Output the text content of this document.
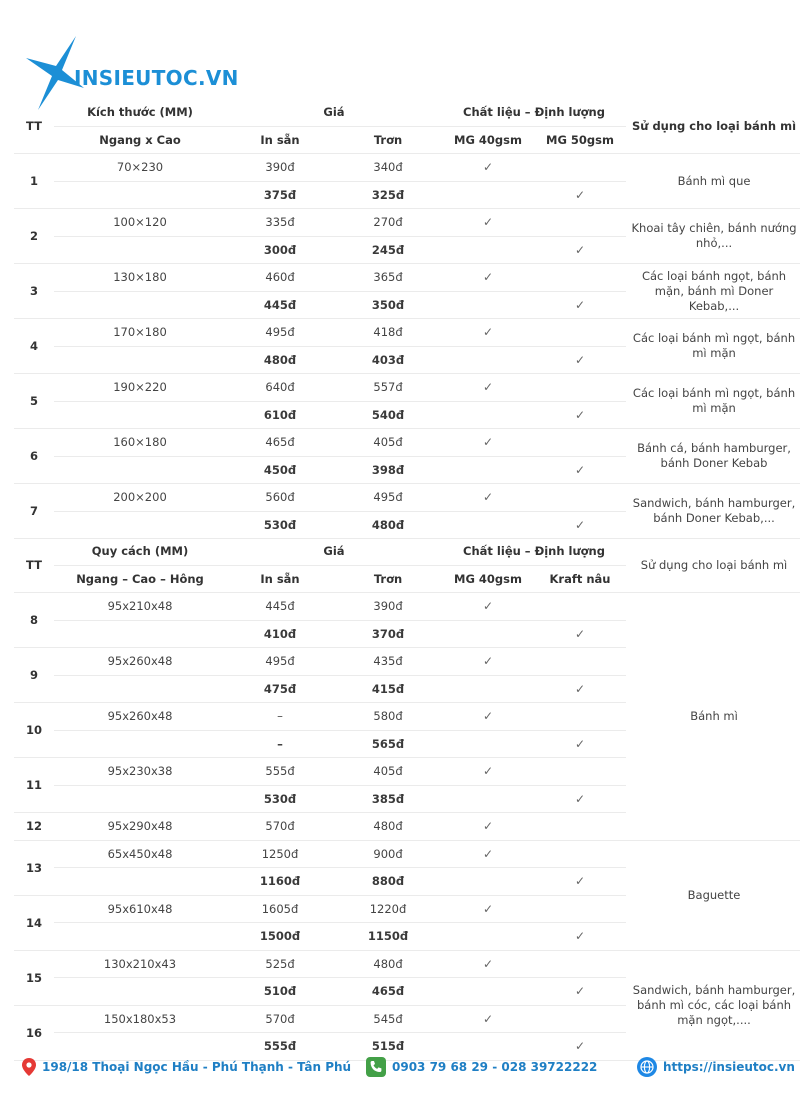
INSIEUTOC.VN
TT	Kích thước (MM)	Giá		Chất liệu – Định lượng		Sử dụng cho loại bánh mì
	Ngang x Cao	In sẵn	Trơn	MG 40gsm	MG 50gsm	
1	70×230	390đ	340đ	✓		Bánh mì que
		375đ	325đ		✓	
2	100×120	335đ	270đ	✓		Khoai tây chiên, bánh nướng nhỏ,...
		300đ	245đ		✓	
3	130×180	460đ	365đ	✓		Các loại bánh ngọt, bánh mặn, bánh mì Doner Kebab,...
		445đ	350đ		✓	
4	170×180	495đ	418đ	✓		Các loại bánh mì ngọt, bánh mì mặn
		480đ	403đ		✓	
5	190×220	640đ	557đ	✓		Các loại bánh mì ngọt, bánh mì mặn
		610đ	540đ		✓	
6	160×180	465đ	405đ	✓		Bánh cá, bánh hamburger, bánh Doner Kebab
		450đ	398đ		✓	
7	200×200	560đ	495đ	✓		Sandwich, bánh hamburger, bánh Doner Kebab,...
		530đ	480đ		✓	
TT	Quy cách (MM)	Giá		Chất liệu – Định lượng		Sử dụng cho loại bánh mì
	Ngang – Cao – Hông	In sẵn	Trơn	MG 40gsm	Kraft nâu	
8	95x210x48	445đ	390đ	✓		Bánh mì
		410đ	370đ		✓	
9	95x260x48	495đ	435đ	✓		
		475đ	415đ		✓	
10	95x260x48	–	580đ	✓		
		–	565đ		✓	
11	95x230x38	555đ	405đ	✓		
		530đ	385đ		✓	
12	95x290x48	570đ	480đ	✓		
13	65x450x48	1250đ	900đ	✓		Baguette
		1160đ	880đ		✓	
14	95x610x48	1605đ	1220đ	✓		
		1500đ	1150đ		✓	
15	130x210x43	525đ	480đ	✓		Sandwich, bánh hamburger, bánh mì cóc, các loại bánh mặn ngọt,....
		510đ	465đ		✓	
16	150x180x53	570đ	545đ	✓		
		555đ	515đ		✓	
198/18 Thoại Ngọc Hầu - Phú Thạnh - Tân Phú	0903 79 68 29 - 028 39722222	https://insieutoc.vn
